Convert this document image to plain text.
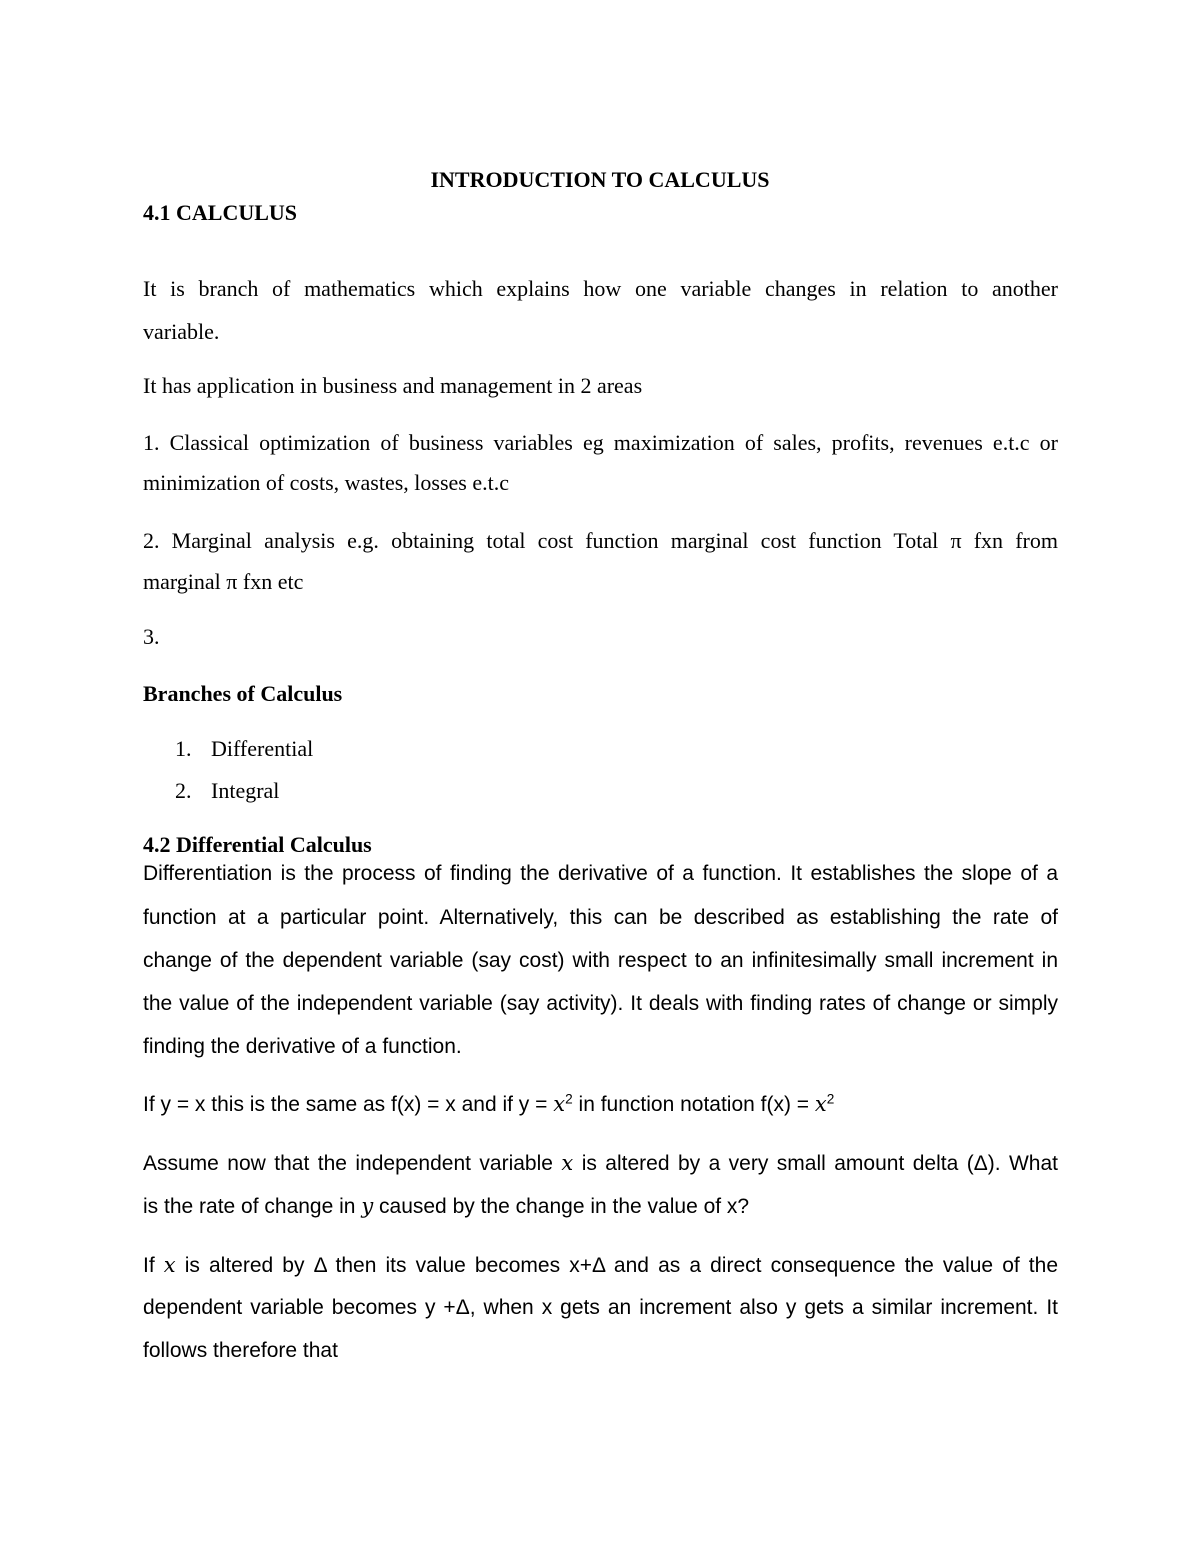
INTRODUCTION TO CALCULUS

4.1 CALCULUS

It is branch of mathematics which explains how one variable changes in relation to another

variable.

It has application in business and management in 2 areas

1. Classical optimization of business variables eg maximization of sales, profits, revenues e.t.c or

minimization of costs, wastes, losses e.t.c

2. Marginal analysis e.g. obtaining total cost function marginal cost function Total π fxn from

marginal π fxn etc

3.

Branches of Calculus

1. Differential
2. Integral

4.2 Differential Calculus

Differentiation is the process of finding the derivative of a function. It establishes the slope of a

function at a particular point. Alternatively, this can be described as establishing the rate of

change of the dependent variable (say cost) with respect to an infinitesimally small increment in

the value of the independent variable (say activity). It deals with finding rates of change or simply

finding the derivative of a function.

If y = x this is the same as f(x) = x and if $y = x^2$ in function notation $f(x) = x^2$

Assume now that the independent variable x is altered by a very small amount delta (Δ). What

is the rate of change in y caused by the change in the value of x?

If x is altered by Δ then its value becomes x+Δ and as a direct consequence the value of the

dependent variable becomes y +Δ, when x gets an increment also y gets a similar increment. It

follows therefore that
